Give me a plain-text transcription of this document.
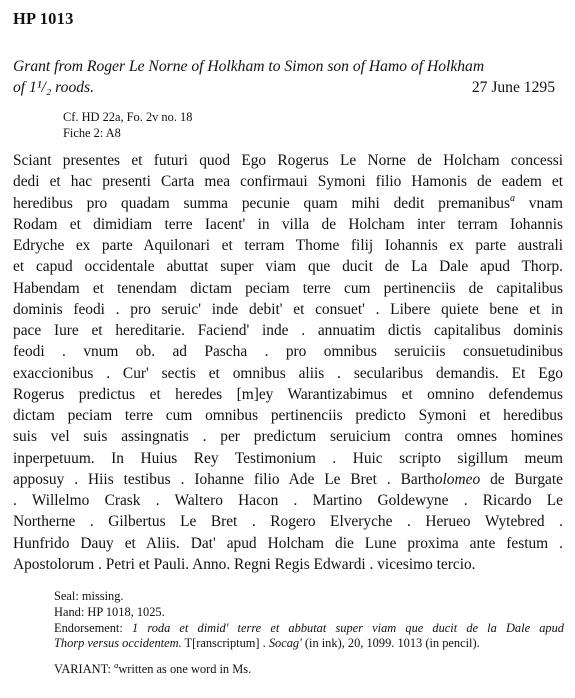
HP 1013
Grant from Roger Le Norne of Holkham to Simon son of Hamo of Holkham
of 1¹/₂ roods.	27 June 1295
Cf. HD 22a, Fo. 2v no. 18
Fiche 2: A8
Sciant presentes et futuri quod Ego Rogerus Le Norne de Holcham concessi
dedi et hac presenti Carta mea confirmaui Symoni filio Hamonis de eadem et
heredibus pro quadam summa pecunie quam mihi dedit premanibus$^a$ vnam
Rodam et dimidiam terre Iacent' in villa de Holcham inter terram Iohannis
Edryche ex parte Aquilonari et terram Thome filij Iohannis ex parte australi
et capud occidentale abuttat super viam que ducit de La Dale apud Thorp.
Habendam et tenendam dictam peciam terre cum pertinenciis de capitalibus
dominis feodi . pro seruic' inde debit' et consuet' . Libere quiete bene et in
pace Iure et hereditarie. Faciend' inde . annuatim dictis capitalibus dominis
feodi . vnum ob. ad Pascha . pro omnibus seruiciis consuetudinibus
exaccionibus . Cur' sectis et omnibus aliis . secularibus demandis. Et Ego
Rogerus predictus et heredes [m]ey Warantizabimus et omnino defendemus
dictam peciam terre cum omnibus pertinenciis predicto Symoni et heredibus
suis vel suis assingnatis . per predictum seruicium contra omnes homines
inperpetuum. In Huius Rey Testimonium . Huic scripto sigillum meum
apposuy . Hiis testibus . Iohanne filio Ade Le Bret . Bartholomeo de Burgate
. Willelmo Crask . Waltero Hacon . Martino Goldewyne . Ricardo Le
Northerne . Gilbertus Le Bret . Rogero Elveryche . Herueo Wytebred .
Hunfrido Dauy et Aliis. Dat' apud Holcham die Lune proxima ante festum .
Apostolorum . Petri et Pauli. Anno. Regni Regis Edwardi . vicesimo tercio.
Seal: missing.
Hand: HP 1018, 1025.
Endorsement: 1 roda et dimid' terre et abbutat super viam que ducit de la Dale apud
Thorp versus occidentem. T[ranscriptum] . Socag' (in ink), 20, 1099. 1013 (in pencil).
VARIANT: $^a$written as one word in Ms.
